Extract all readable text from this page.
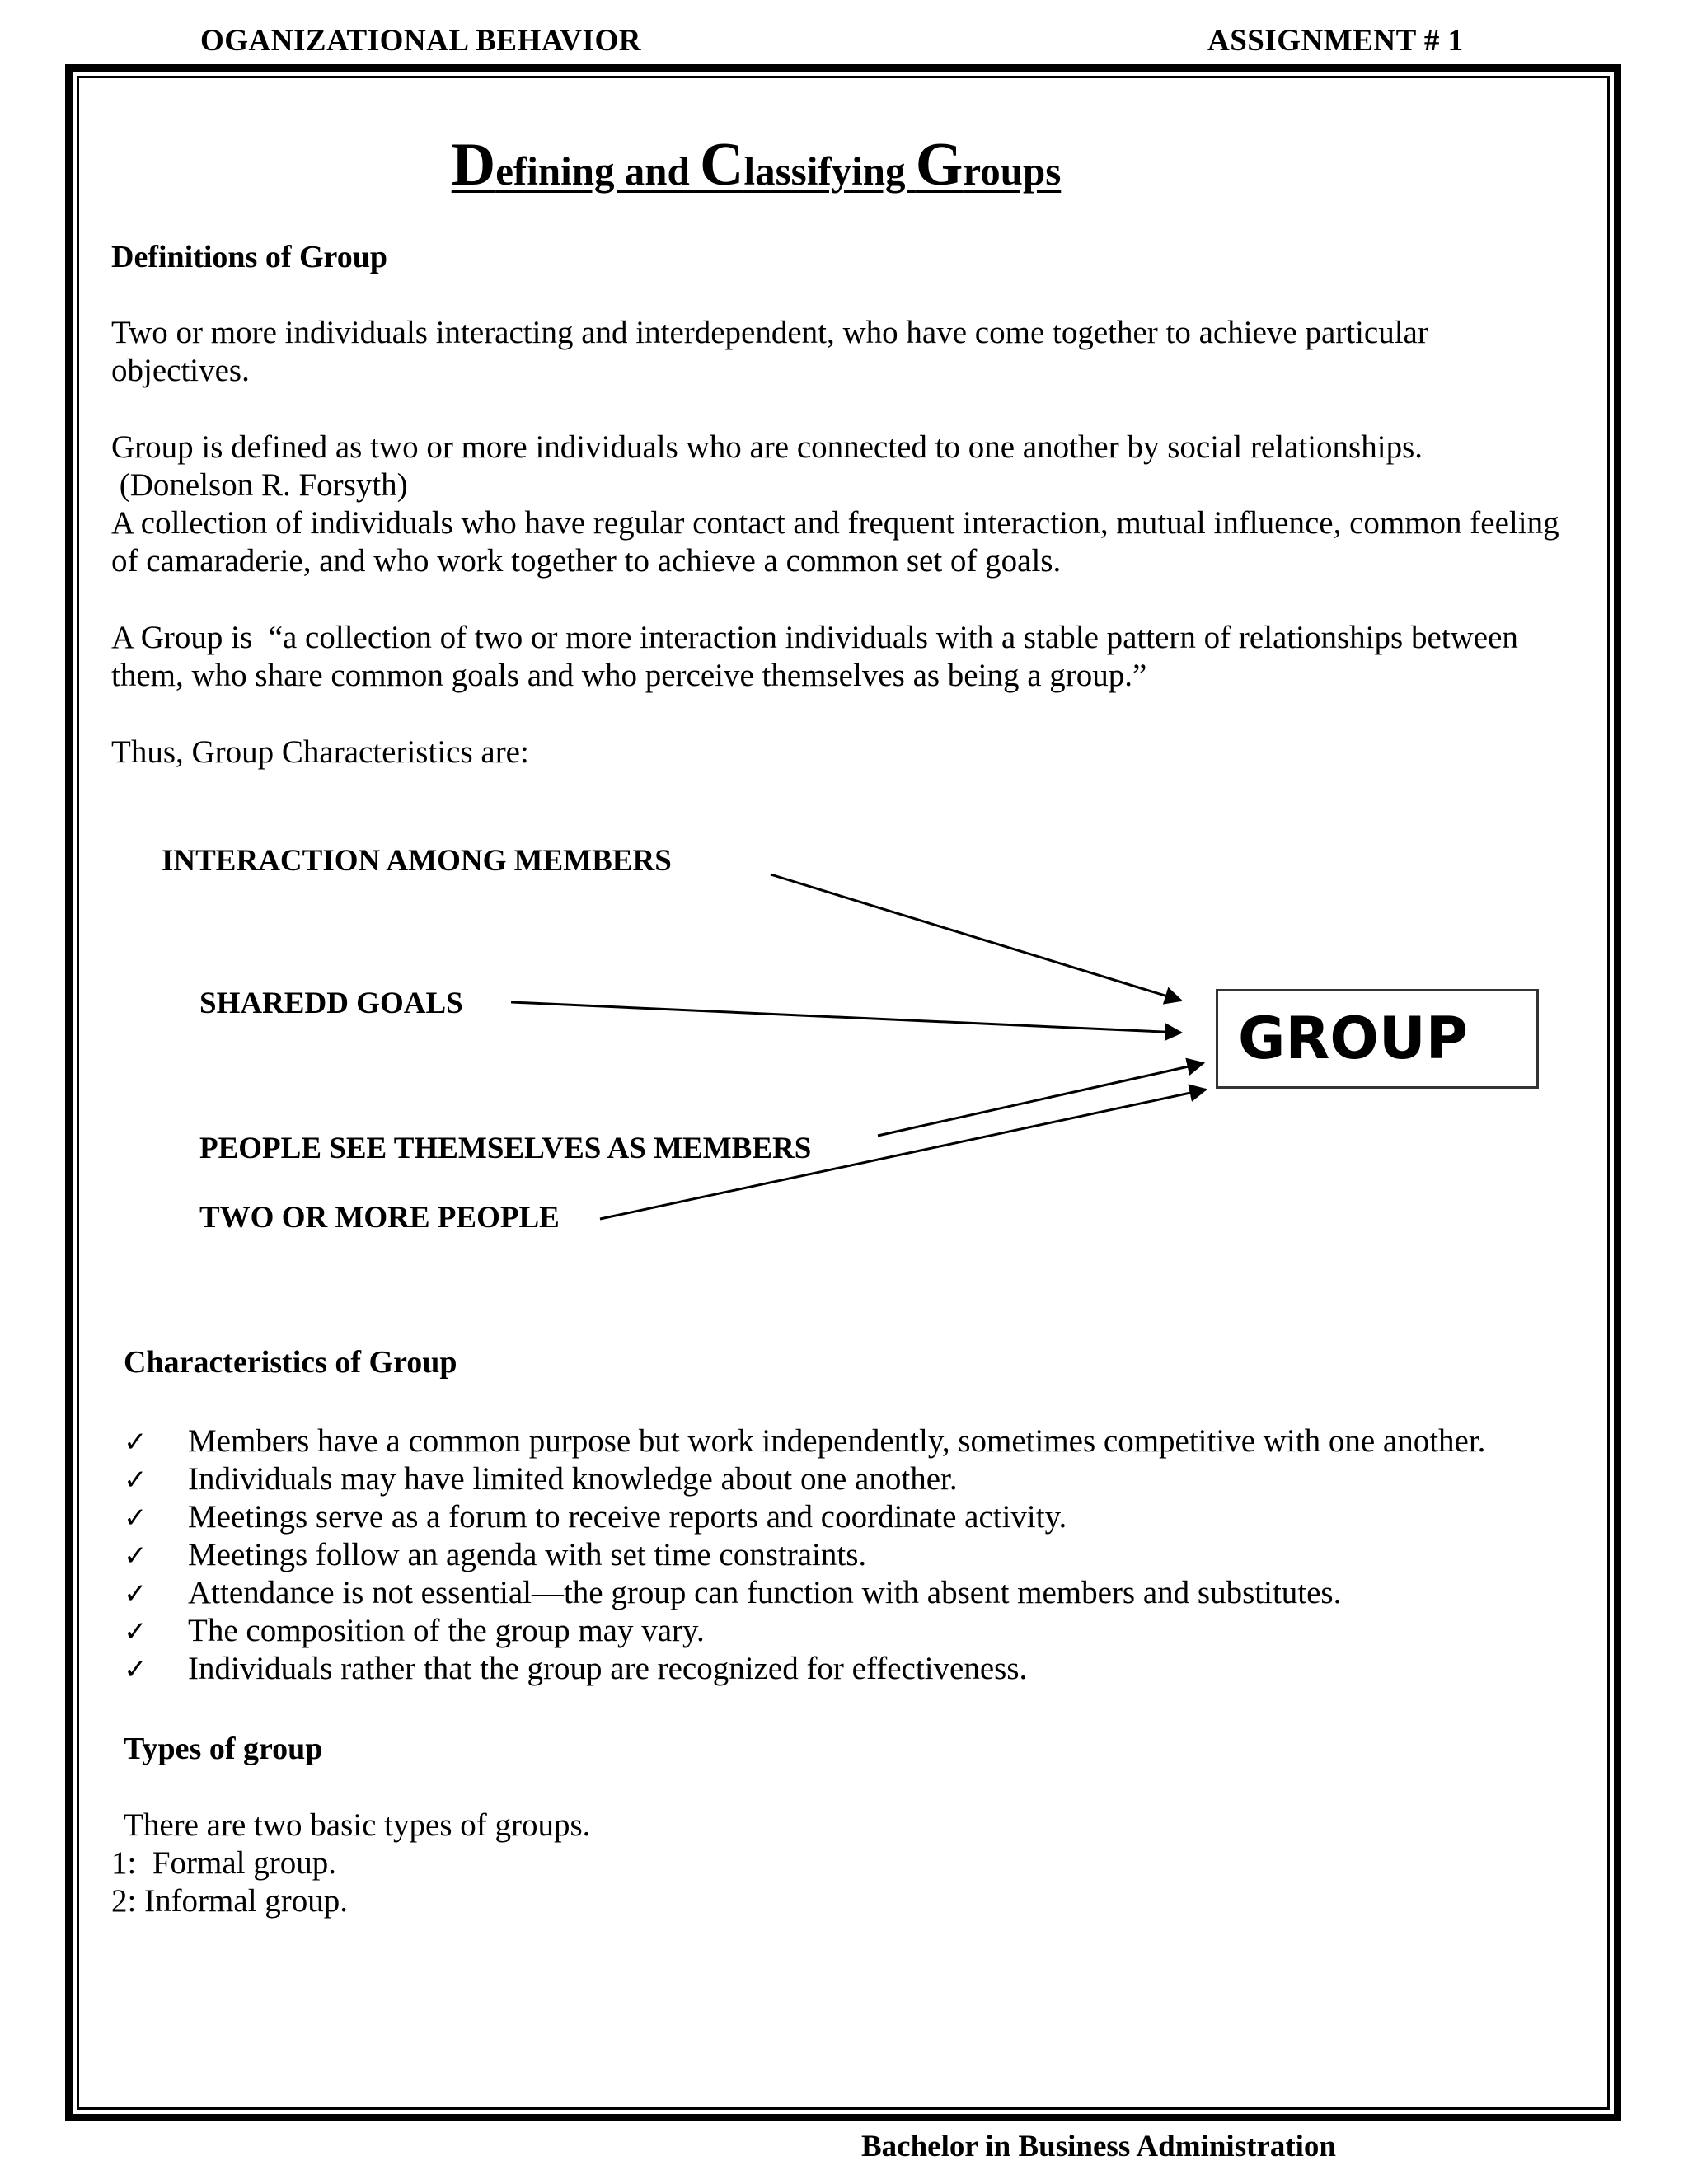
OGANIZATIONAL BEHAVIOR	ASSIGNMENT # 1
Defining and Classifying Groups
Definitions of Group
Two or more individuals interacting and interdependent, who have come together to achieve particular
objectives.
Group is defined as two or more individuals who are connected to one another by social relationships.
(Donelson R. Forsyth)
A collection of individuals who have regular contact and frequent interaction, mutual influence, common feeling
of camaraderie, and who work together to achieve a common set of goals.
A Group is  “a collection of two or more interaction individuals with a stable pattern of relationships between
them, who share common goals and who perceive themselves as being a group.”
Thus, Group Characteristics are:
INTERACTION AMONG MEMBERS
SHAREDD GOALS
PEOPLE SEE THEMSELVES AS MEMBERS
TWO OR MORE PEOPLE
GROUP
Characteristics of Group
✓ Members have a common purpose but work independently, sometimes competitive with one another.
✓ Individuals may have limited knowledge about one another.
✓ Meetings serve as a forum to receive reports and coordinate activity.
✓ Meetings follow an agenda with set time constraints.
✓ Attendance is not essential—the group can function with absent members and substitutes.
✓ The composition of the group may vary.
✓ Individuals rather that the group are recognized for effectiveness.
Types of group
There are two basic types of groups.
1:  Formal group.
2: Informal group.
Bachelor in Business Administration
